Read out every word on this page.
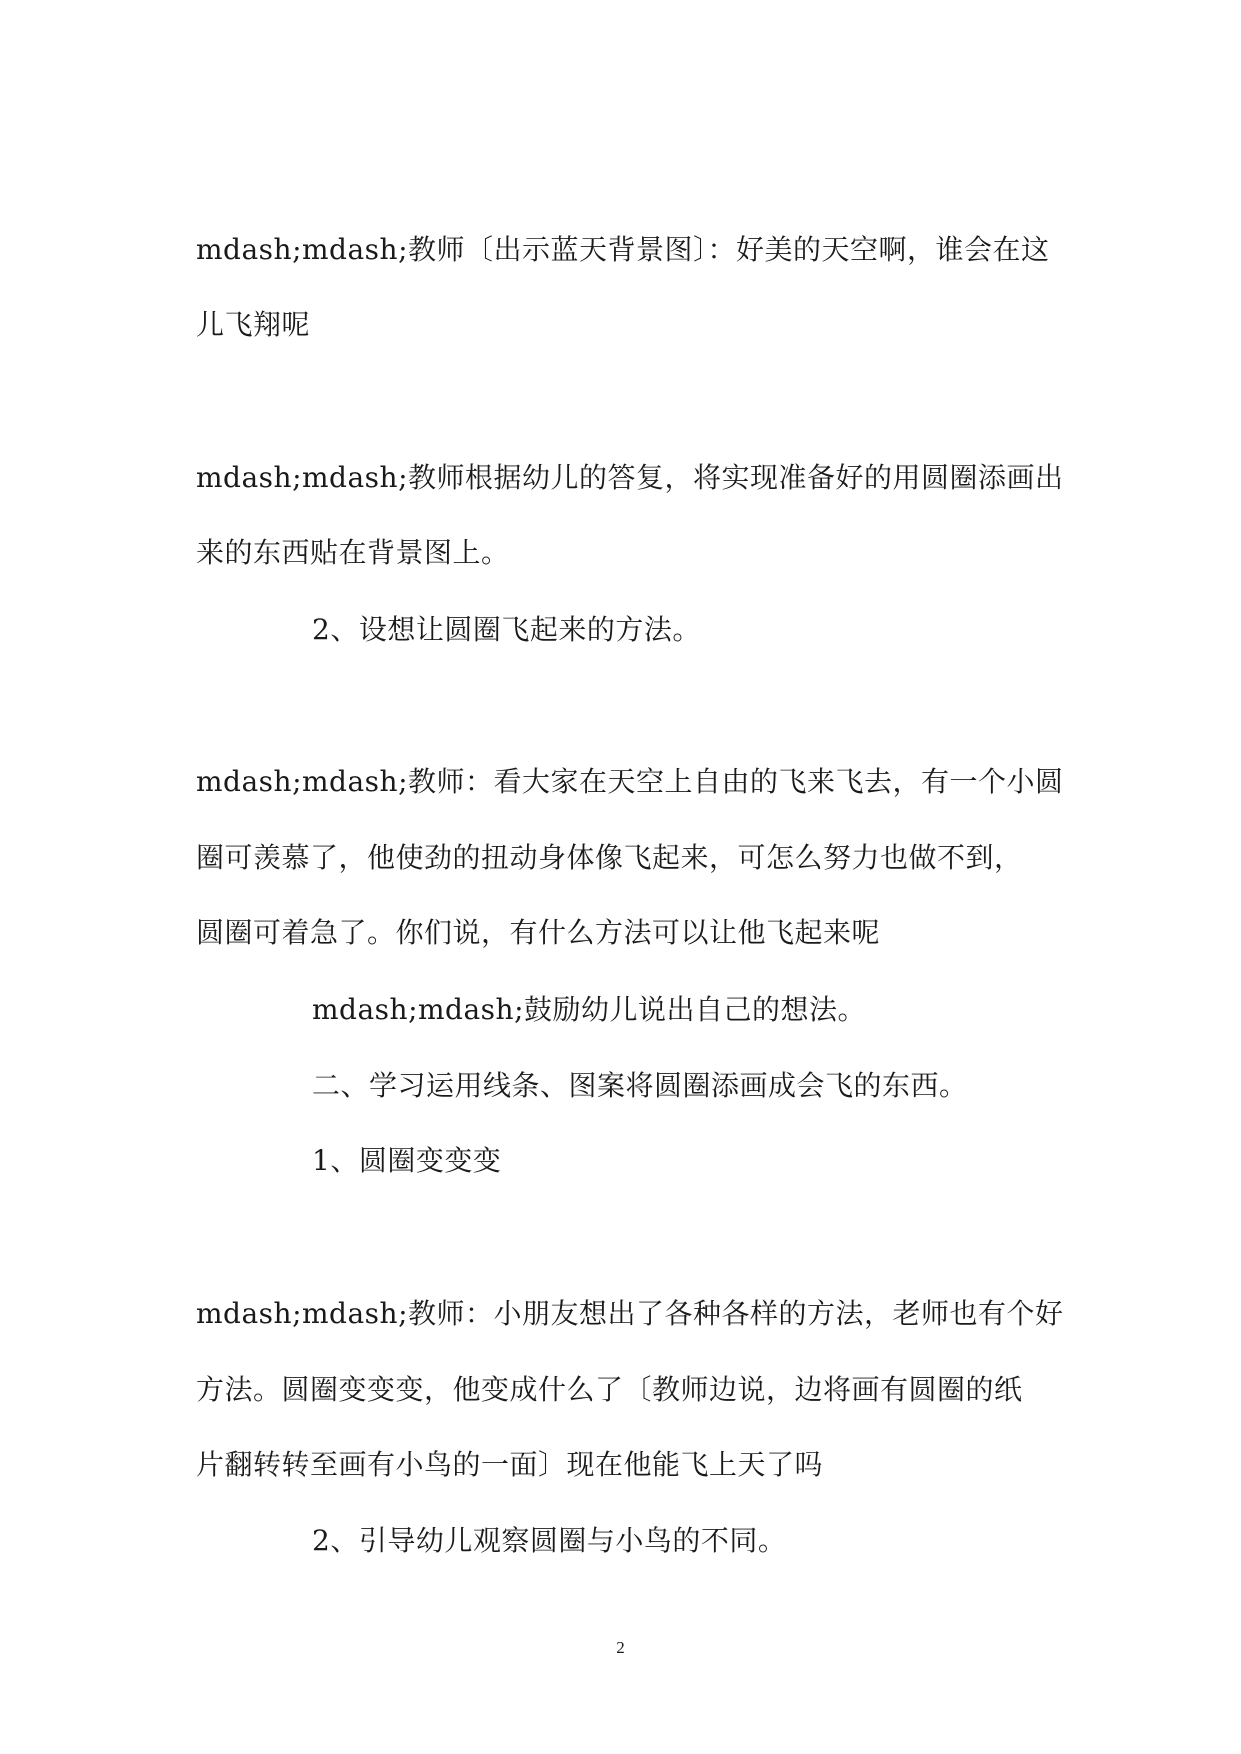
mdash;mdash;教师〔出示蓝天背景图〕：好美的天空啊，谁会在这
儿飞翔呢
mdash;mdash;教师根据幼儿的答复，将实现准备好的用圆圈添画出
来的东西贴在背景图上。
2、设想让圆圈飞起来的方法。
mdash;mdash;教师：看大家在天空上自由的飞来飞去，有一个小圆
圈可羡慕了，他使劲的扭动身体像飞起来，可怎么努力也做不到，
圆圈可着急了。你们说，有什么方法可以让他飞起来呢
mdash;mdash;鼓励幼儿说出自己的想法。
二、学习运用线条、图案将圆圈添画成会飞的东西。
1、圆圈变变变
mdash;mdash;教师：小朋友想出了各种各样的方法，老师也有个好
方法。圆圈变变变，他变成什么了〔教师边说，边将画有圆圈的纸
片翻转转至画有小鸟的一面〕现在他能飞上天了吗
2、引导幼儿观察圆圈与小鸟的不同。
2
